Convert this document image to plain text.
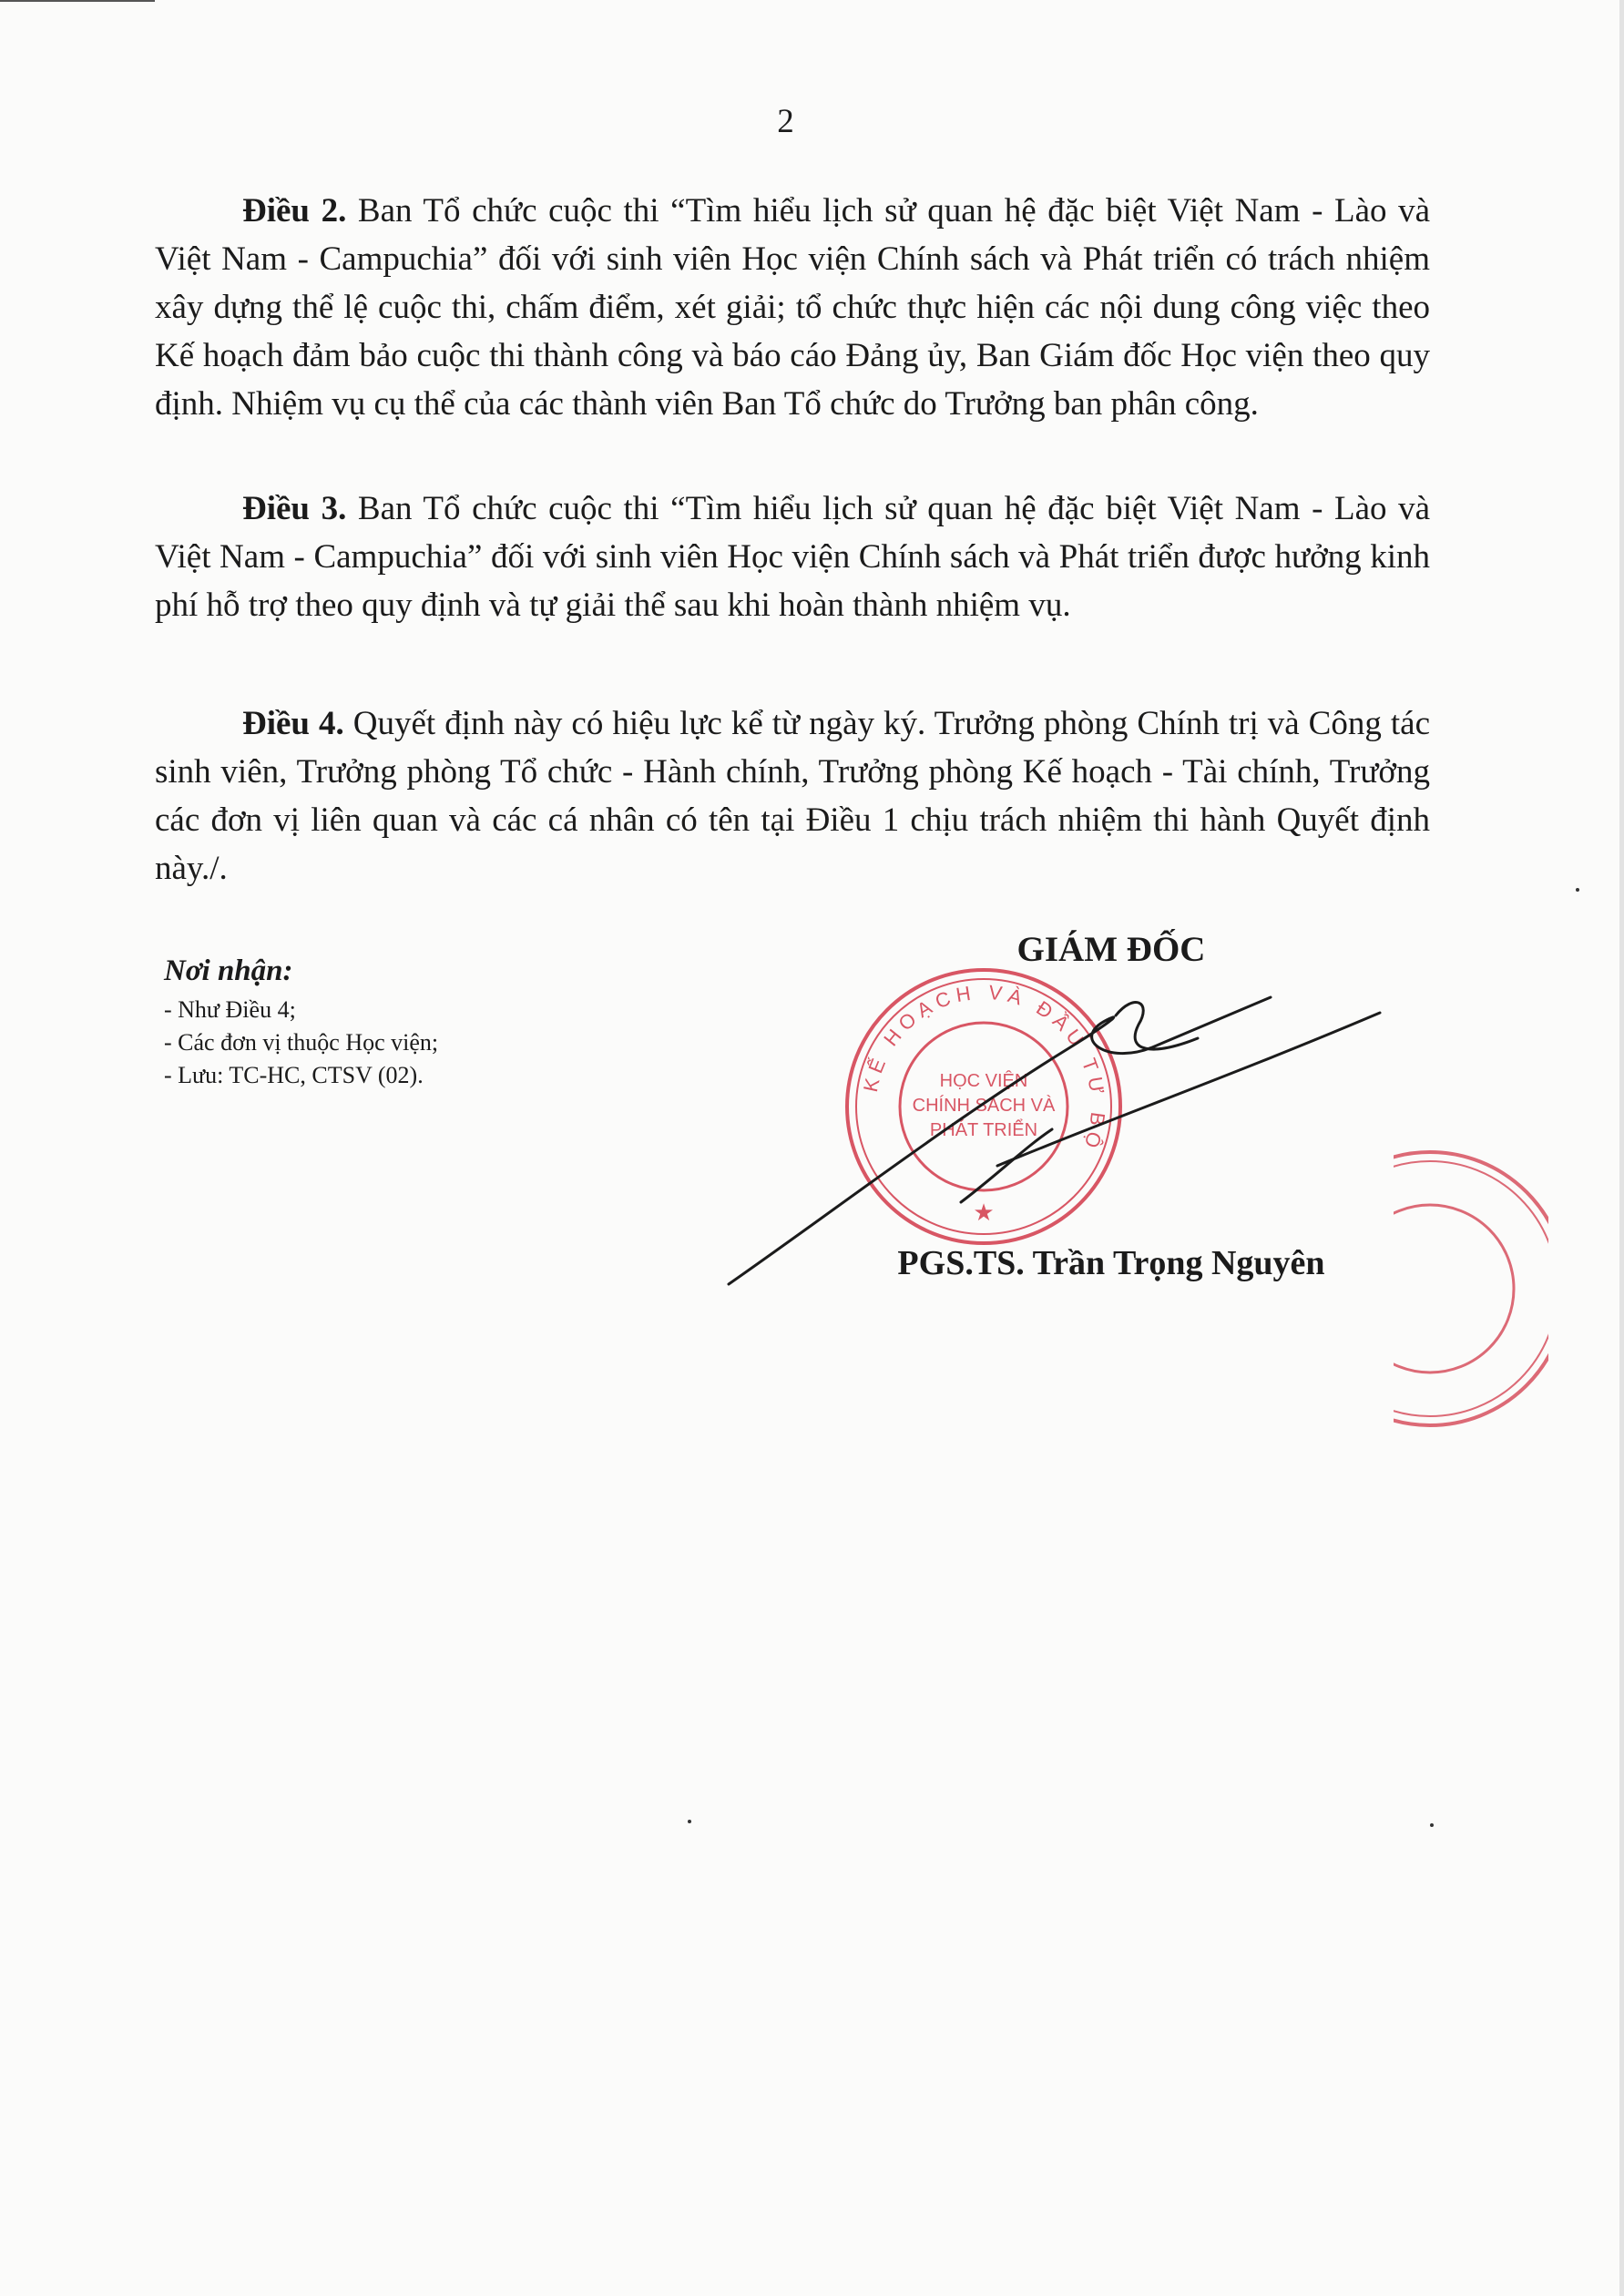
2

Điều 2. Ban Tổ chức cuộc thi “Tìm hiểu lịch sử quan hệ đặc biệt Việt Nam - Lào và Việt Nam - Campuchia” đối với sinh viên Học viện Chính sách và Phát triển có trách nhiệm xây dựng thể lệ cuộc thi, chấm điểm, xét giải; tổ chức thực hiện các nội dung công việc theo Kế hoạch đảm bảo cuộc thi thành công và báo cáo Đảng ủy, Ban Giám đốc Học viện theo quy định. Nhiệm vụ cụ thể của các thành viên Ban Tổ chức do Trưởng ban phân công.

Điều 3. Ban Tổ chức cuộc thi “Tìm hiểu lịch sử quan hệ đặc biệt Việt Nam - Lào và Việt Nam - Campuchia” đối với sinh viên Học viện Chính sách và Phát triển được hưởng kinh phí hỗ trợ theo quy định và tự giải thể sau khi hoàn thành nhiệm vụ.

Điều 4. Quyết định này có hiệu lực kể từ ngày ký. Trưởng phòng Chính trị và Công tác sinh viên, Trưởng phòng Tổ chức - Hành chính, Trưởng phòng Kế hoạch - Tài chính, Trưởng các đơn vị liên quan và các cá nhân có tên tại Điều 1 chịu trách nhiệm thi hành Quyết định này./.

Nơi nhận:
- Như Điều 4;
- Các đơn vị thuộc Học viện;
- Lưu: TC-HC, CTSV (02).	KẾ HOẠCH VÀ ĐẦU TƯ BỘ
HỌC VIỆN
CHÍNH SÁCH VÀ
PHÁT TRIỂN
★
GIÁM ĐỐC
PGS.TS. Trần Trọng Nguyên
